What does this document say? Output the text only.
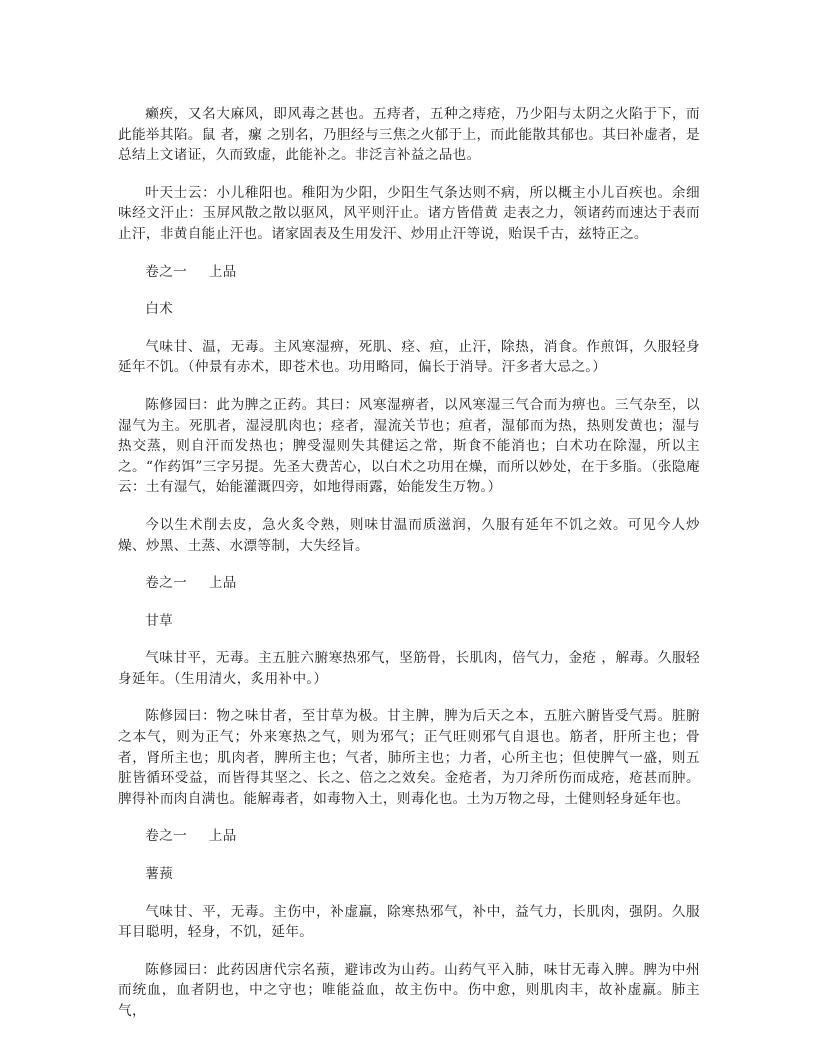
癞疾，又名大麻风，即风毒之甚也。五痔者，五种之痔疮，乃少阳与太阴之火陷于下，而此能举其陷。鼠 者，瘰 之别名，乃胆经与三焦之火郁于上，而此能散其郁也。其曰补虚者，是总结上文诸证，久而致虚，此能补之。非泛言补益之品也。

叶天士云：小儿稚阳也。稚阳为少阳，少阳生气条达则不病，所以概主小儿百疾也。余细味经文汗止：玉屏风散之散以驱风，风平则汗止。诸方皆借黄 走表之力，领诸药而速达于表而止汗，非黄自能止汗也。诸家固表及生用发汗、炒用止汗等说，贻误千古，兹特正之。

卷之一 上品

白术

气味甘、温，无毒。主风寒湿痹，死肌、痉、疸，止汗，除热，消食。作煎饵，久服轻身延年不饥。（仲景有赤术，即苍术也。功用略同，偏长于消导。汗多者大忌之。）

陈修园曰：此为脾之正药。其曰：风寒湿痹者，以风寒湿三气合而为痹也。三气杂至，以湿气为主。死肌者，湿浸肌肉也；痉者，湿流关节也；疸者，湿郁而为热，热则发黄也；湿与热交蒸，则自汗而发热也；脾受湿则失其健运之常，斯食不能消也；白术功在除湿，所以主之。“作药饵”三字另提。先圣大费苦心，以白术之功用在燥，而所以妙处，在于多脂。（张隐庵云：土有湿气，始能灌溉四旁，如地得雨露，始能发生万物。）

今以生术削去皮，急火炙令熟，则味甘温而质滋润，久服有延年不饥之效。可见今人炒燥、炒黑、土蒸、水漂等制，大失经旨。

卷之一 上品

甘草

气味甘平，无毒。主五脏六腑寒热邪气，坚筋骨，长肌肉，倍气力，金疮 ，解毒。久服轻身延年。（生用清火，炙用补中。）

陈修园曰：物之味甘者，至甘草为极。甘主脾，脾为后天之本，五脏六腑皆受气焉。脏腑之本气，则为正气；外来寒热之气，则为邪气；正气旺则邪气自退也。筋者，肝所主也；骨者，肾所主也；肌肉者，脾所主也；气者，肺所主也；力者，心所主也；但使脾气一盛，则五脏皆循环受益，而皆得其坚之、长之、倍之之效矣。金疮者，为刀斧所伤而成疮，疮甚而肿。脾得补而肉自满也。能解毒者，如毒物入土，则毒化也。土为万物之母，土健则轻身延年也。

卷之一 上品

薯蓣

气味甘、平，无毒。主伤中，补虚羸，除寒热邪气，补中，益气力，长肌肉，强阴。久服耳目聪明，轻身，不饥，延年。

陈修园曰：此药因唐代宗名蓣，避讳改为山药。山药气平入肺，味甘无毒入脾。脾为中州而统血，血者阴也，中之守也；唯能益血，故主伤中。伤中愈，则肌肉丰，故补虚羸。肺主气，
